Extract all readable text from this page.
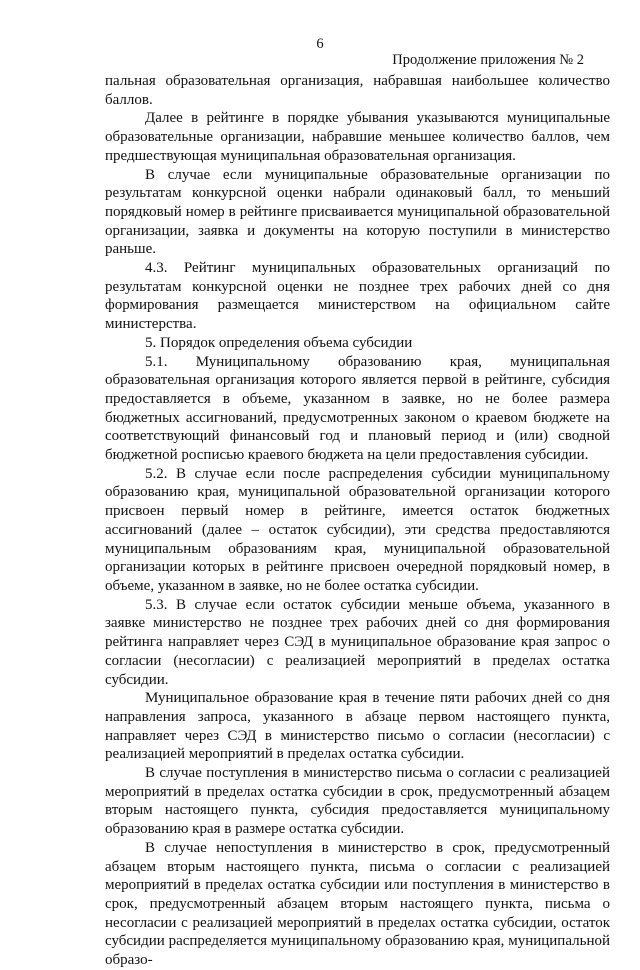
6
Продолжение приложения № 2

пальная образовательная организация, набравшая наибольшее количество баллов.

Далее в рейтинге в порядке убывания указываются муниципальные образовательные организации, набравшие меньшее количество баллов, чем предшествующая муниципальная образовательная организация.

В случае если муниципальные образовательные организации по результатам конкурсной оценки набрали одинаковый балл, то меньший порядковый номер в рейтинге присваивается муниципальной образовательной организации, заявка и документы на которую поступили в министерство раньше.

4.3. Рейтинг муниципальных образовательных организаций по результатам конкурсной оценки не позднее трех рабочих дней со дня формирования размещается министерством на официальном сайте министерства.

5. Порядок определения объема субсидии

5.1. Муниципальному образованию края, муниципальная образовательная организация которого является первой в рейтинге, субсидия предоставляется в объеме, указанном в заявке, но не более размера бюджетных ассигнований, предусмотренных законом о краевом бюджете на соответствующий финансовый год и плановый период и (или) сводной бюджетной росписью краевого бюджета на цели предоставления субсидии.

5.2. В случае если после распределения субсидии муниципальному образованию края, муниципальной образовательной организации которого присвоен первый номер в рейтинге, имеется остаток бюджетных ассигнований (далее – остаток субсидии), эти средства предоставляются муниципальным образованиям края, муниципальной образовательной организации которых в рейтинге присвоен очередной порядковый номер, в объеме, указанном в заявке, но не более остатка субсидии.

5.3. В случае если остаток субсидии меньше объема, указанного в заявке министерство не позднее трех рабочих дней со дня формирования рейтинга направляет через СЭД в муниципальное образование края запрос о согласии (несогласии) с реализацией мероприятий в пределах остатка субсидии.

Муниципальное образование края в течение пяти рабочих дней со дня направления запроса, указанного в абзаце первом настоящего пункта, направляет через СЭД в министерство письмо о согласии (несогласии) с реализацией мероприятий в пределах остатка субсидии.

В случае поступления в министерство письма о согласии с реализацией мероприятий в пределах остатка субсидии в срок, предусмотренный абзацем вторым настоящего пункта, субсидия предоставляется муниципальному образованию края в размере остатка субсидии.

В случае непоступления в министерство в срок, предусмотренный абзацем вторым настоящего пункта, письма о согласии с реализацией мероприятий в пределах остатка субсидии или поступления в министерство в срок, предусмотренный абзацем вторым настоящего пункта, письма о несогласии с реализацией мероприятий в пределах остатка субсидии, остаток субсидии распределяется муниципальному образованию края, муниципальной образо-
